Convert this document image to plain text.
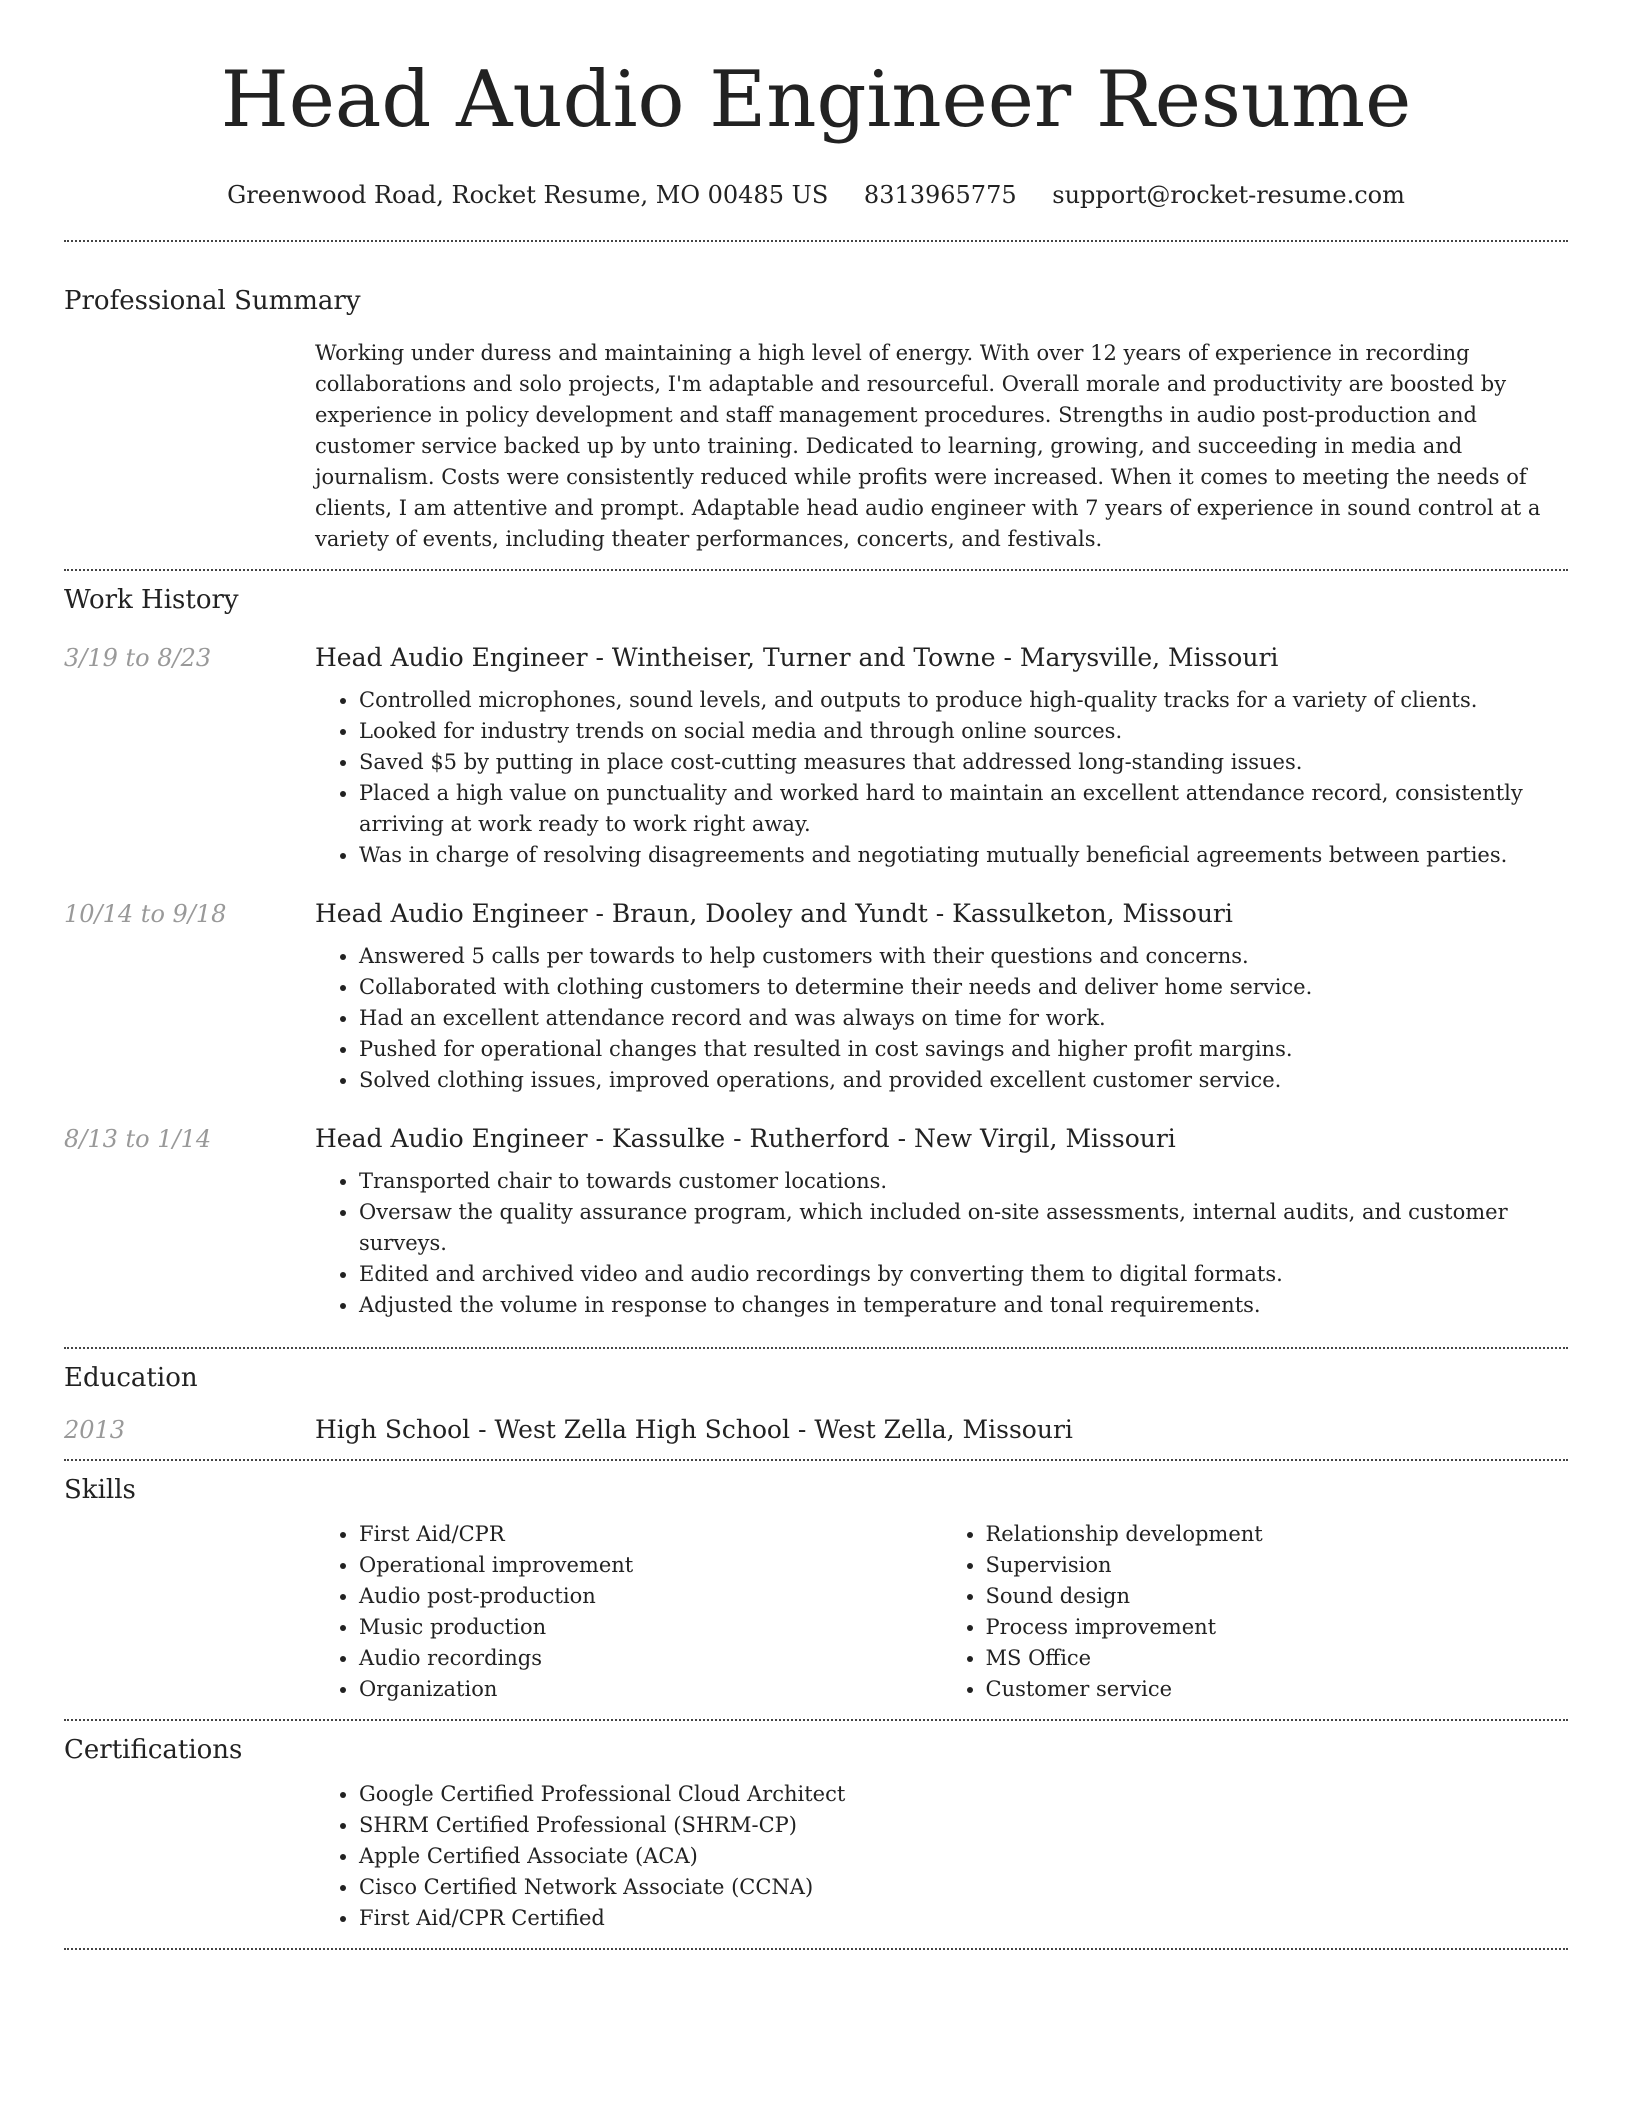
Head Audio Engineer Resume
Greenwood Road, Rocket Resume, MO 00485 US 8313965775 support@rocket-resume.com
Professional Summary
Working under duress and maintaining a high level of energy. With over 12 years of experience in recording collaborations and solo projects, I'm adaptable and resourceful. Overall morale and productivity are boosted by experience in policy development and staff management procedures. Strengths in audio post-production and customer service backed up by unto training. Dedicated to learning, growing, and succeeding in media and journalism. Costs were consistently reduced while profits were increased. When it comes to meeting the needs of clients, I am attentive and prompt. Adaptable head audio engineer with 7 years of experience in sound control at a variety of events, including theater performances, concerts, and festivals.
Work History
3/19 to 8/23	Head Audio Engineer - Wintheiser, Turner and Towne - Marysville, Missouri
• Controlled microphones, sound levels, and outputs to produce high-quality tracks for a variety of clients.
• Looked for industry trends on social media and through online sources.
• Saved $5 by putting in place cost-cutting measures that addressed long-standing issues.
• Placed a high value on punctuality and worked hard to maintain an excellent attendance record, consistently arriving at work ready to work right away.
• Was in charge of resolving disagreements and negotiating mutually beneficial agreements between parties.
10/14 to 9/18	Head Audio Engineer - Braun, Dooley and Yundt - Kassulketon, Missouri
• Answered 5 calls per towards to help customers with their questions and concerns.
• Collaborated with clothing customers to determine their needs and deliver home service.
• Had an excellent attendance record and was always on time for work.
• Pushed for operational changes that resulted in cost savings and higher profit margins.
• Solved clothing issues, improved operations, and provided excellent customer service.
8/13 to 1/14	Head Audio Engineer - Kassulke - Rutherford - New Virgil, Missouri
• Transported chair to towards customer locations.
• Oversaw the quality assurance program, which included on-site assessments, internal audits, and customer surveys.
• Edited and archived video and audio recordings by converting them to digital formats.
• Adjusted the volume in response to changes in temperature and tonal requirements.
Education
2013	High School - West Zella High School - West Zella, Missouri
Skills
• First Aid/CPR
• Operational improvement
• Audio post-production
• Music production
• Audio recordings
• Organization
• Relationship development
• Supervision
• Sound design
• Process improvement
• MS Office
• Customer service
Certifications
• Google Certified Professional Cloud Architect
• SHRM Certified Professional (SHRM-CP)
• Apple Certified Associate (ACA)
• Cisco Certified Network Associate (CCNA)
• First Aid/CPR Certified
